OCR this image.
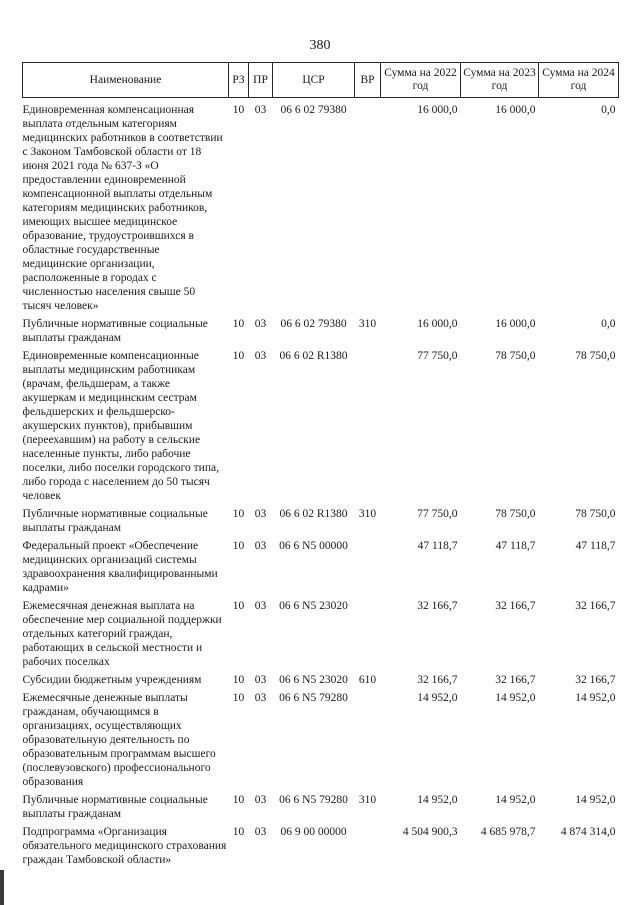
380
Наименование	РЗ	ПР	ЦСР	ВР	Сумма на 2022 год	Сумма на 2023 год	Сумма на 2024 год
Единовременная компенсационная выплата отдельным категориям медицинских работников в соответствии с Законом Тамбовской области от 18 июня 2021 года № 637-З «О предоставлении единовременной компенсационной выплаты отдельным категориям медицинских работников, имеющих высшее медицинское образование, трудоустроившихся в областные государственные медицинские организации, расположенные в городах с численностью населения свыше 50 тысяч человек»	10	03	06 6 02 79380		16 000,0	16 000,0	0,0
Публичные нормативные социальные выплаты гражданам	10	03	06 6 02 79380	310	16 000,0	16 000,0	0,0
Единовременные компенсационные выплаты медицинским работникам (врачам, фельдшерам, а также акушеркам и медицинским сестрам фельдшерских и фельдшерско-акушерских пунктов), прибывшим (переехавшим) на работу в сельские населенные пункты, либо рабочие поселки, либо поселки городского типа, либо города с населением до 50 тысяч человек	10	03	06 6 02 R1380		77 750,0	78 750,0	78 750,0
Публичные нормативные социальные выплаты гражданам	10	03	06 6 02 R1380	310	77 750,0	78 750,0	78 750,0
Федеральный проект «Обеспечение медицинских организаций системы здравоохранения квалифицированными кадрами»	10	03	06 6 N5 00000		47 118,7	47 118,7	47 118,7
Ежемесячная денежная выплата на обеспечение мер социальной поддержки отдельных категорий граждан, работающих в сельской местности и рабочих поселках	10	03	06 6 N5 23020		32 166,7	32 166,7	32 166,7
Субсидии бюджетным учреждениям	10	03	06 6 N5 23020	610	32 166,7	32 166,7	32 166,7
Ежемесячные денежные выплаты гражданам, обучающимся в организациях, осуществляющих образовательную деятельность по образовательным программам высшего (послевузовского) профессионального образования	10	03	06 6 N5 79280		14 952,0	14 952,0	14 952,0
Публичные нормативные социальные выплаты гражданам	10	03	06 6 N5 79280	310	14 952,0	14 952,0	14 952,0
Подпрограмма «Организация обязательного медицинского страхования граждан Тамбовской области»	10	03	06 9 00 00000		4 504 900,3	4 685 978,7	4 874 314,0
